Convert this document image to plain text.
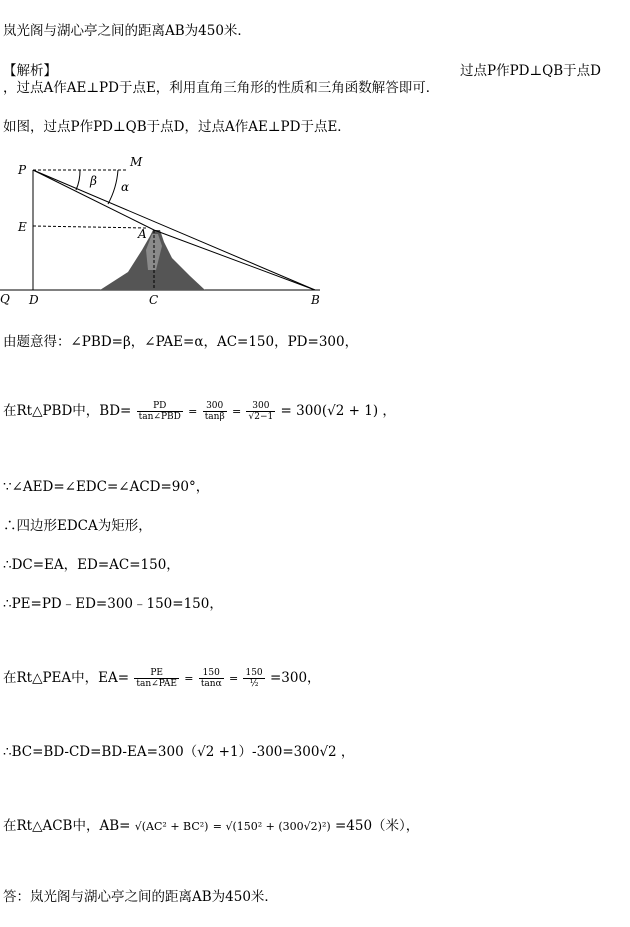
岚光阁与湖心亭之间的距离AB为450米．
【解析】	过点P作PD⊥QB于点D
，过点A作AE⊥PD于点E，利用直角三角形的性质和三角函数解答即可．
如图，过点P作PD⊥QB于点D，过点A作AE⊥PD于点E．
P
M
β α
E	A
Q D	C	B
由题意得：∠PBD=β，∠PAE=α，AC=150，PD=300，
在Rt△PBD中，$BD= \frac{PD}{\text{tan∠PBD}} = \frac{300}{\tan\beta} = \frac{300}{√2-1} = 300(√2 + 1)$ ，
∵∠AED=∠EDC=∠ACD=90°，
∴四边形EDCA为矩形，
∴DC=EA，ED=AC=150，
∴PE=PD﹣ED=300﹣150=150，
在Rt△PEA中，$EA= \frac{PE}{\text{tan∠PAE}} = \frac{150}{\tan\alpha} = \frac{150}{\text{½}} =300$，
∴BC=BD-CD=BD-EA=300（√2 +1）-300=300√2 ，
在Rt△ACB中，AB= √(AC² + BC²) = √(150² + (300√2)²) =450（米），
答：岚光阁与湖心亭之间的距离AB为450米．
